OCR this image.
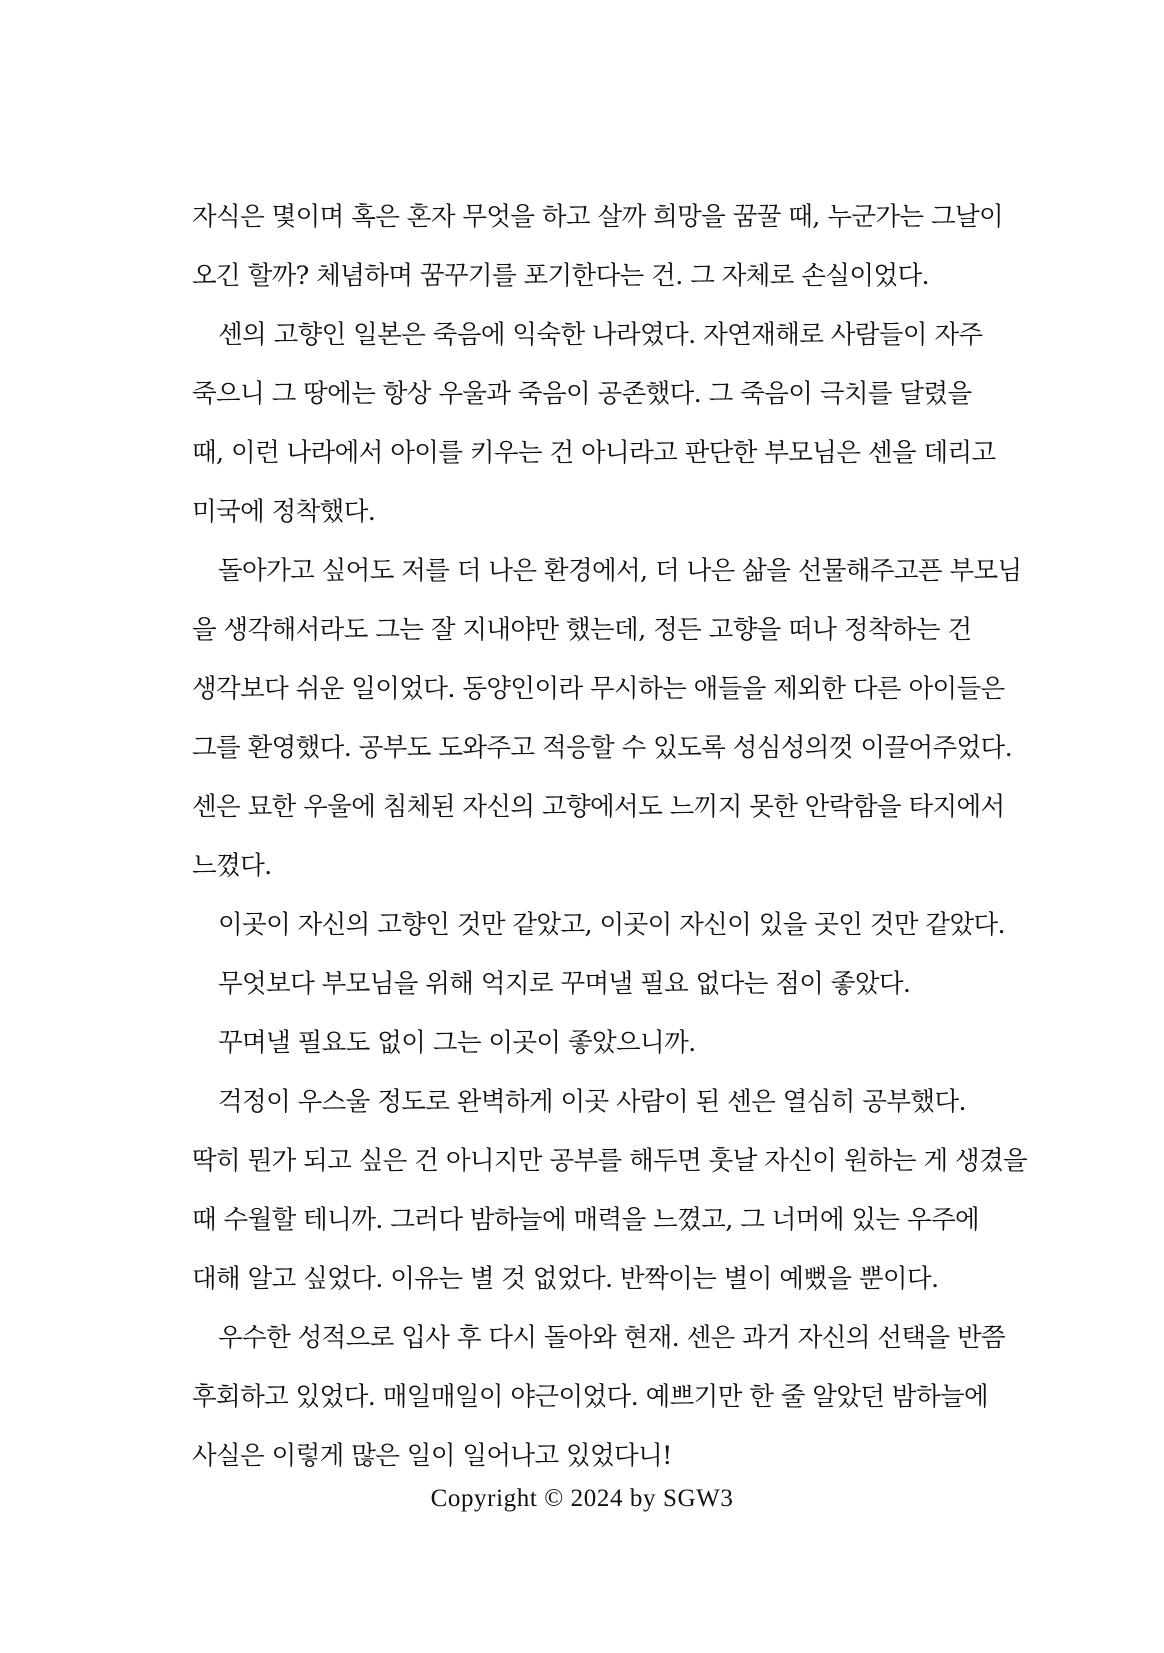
자식은 몇이며 혹은 혼자 무엇을 하고 살까 희망을 꿈꿀 때, 누군가는 그날이
오긴 할까? 체념하며 꿈꾸기를 포기한다는 건. 그 자체로 손실이었다.
센의 고향인 일본은 죽음에 익숙한 나라였다. 자연재해로 사람들이 자주
죽으니 그 땅에는 항상 우울과 죽음이 공존했다. 그 죽음이 극치를 달렸을
때, 이런 나라에서 아이를 키우는 건 아니라고 판단한 부모님은 센을 데리고
미국에 정착했다.
돌아가고 싶어도 저를 더 나은 환경에서, 더 나은 삶을 선물해주고픈 부모님
을 생각해서라도 그는 잘 지내야만 했는데, 정든 고향을 떠나 정착하는 건
생각보다 쉬운 일이었다. 동양인이라 무시하는 애들을 제외한 다른 아이들은
그를 환영했다. 공부도 도와주고 적응할 수 있도록 성심성의껏 이끌어주었다.
센은 묘한 우울에 침체된 자신의 고향에서도 느끼지 못한 안락함을 타지에서
느꼈다.
이곳이 자신의 고향인 것만 같았고, 이곳이 자신이 있을 곳인 것만 같았다.
무엇보다 부모님을 위해 억지로 꾸며낼 필요 없다는 점이 좋았다.
꾸며낼 필요도 없이 그는 이곳이 좋았으니까.
걱정이 우스울 정도로 완벽하게 이곳 사람이 된 센은 열심히 공부했다.
딱히 뭔가 되고 싶은 건 아니지만 공부를 해두면 훗날 자신이 원하는 게 생겼을
때 수월할 테니까. 그러다 밤하늘에 매력을 느꼈고, 그 너머에 있는 우주에
대해 알고 싶었다. 이유는 별 것 없었다. 반짝이는 별이 예뻤을 뿐이다.
우수한 성적으로 입사 후 다시 돌아와 현재. 센은 과거 자신의 선택을 반쯤
후회하고 있었다. 매일매일이 야근이었다. 예쁘기만 한 줄 알았던 밤하늘에
사실은 이렇게 많은 일이 일어나고 있었다니!
Copyright © 2024 by SGW3
